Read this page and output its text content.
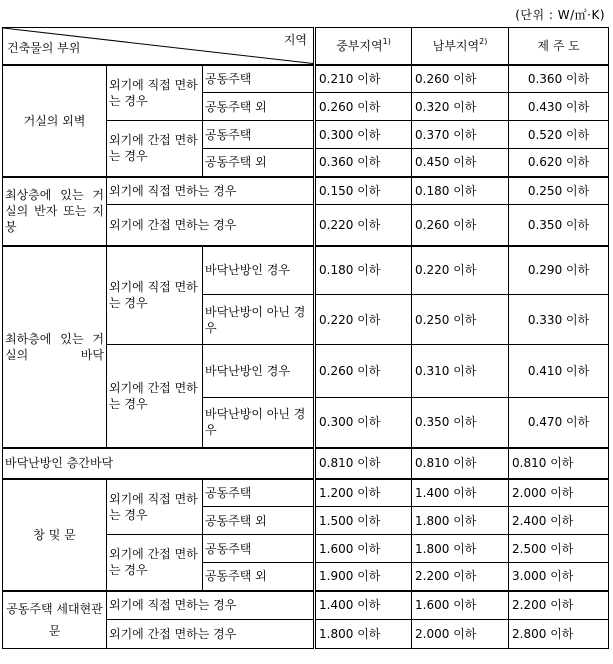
(단위 : W/㎡·K)
지역
건축물의 부위			중부지역$^{1)}$	남부지역$^{2)}$	제 주 도
거실의 외벽	외기에 직접 면하는 경우	공동주택	0.210 이하	0.260 이하	0.360 이하
		공동주택 외	0.260 이하	0.320 이하	0.430 이하
	외기에 간접 면하는 경우	공동주택	0.300 이하	0.370 이하	0.520 이하
		공동주택 외	0.360 이하	0.450 이하	0.620 이하
최상층에 있는 거실의 반자 또는 지붕	외기에 직접 면하는 경우		0.150 이하	0.180 이하	0.250 이하
	외기에 간접 면하는 경우		0.220 이하	0.260 이하	0.350 이하
최하층에 있는 거실의 바닥	외기에 직접 면하는 경우	바닥난방인 경우	0.180 이하	0.220 이하	0.290 이하
		바닥난방이 아닌 경우	0.220 이하	0.250 이하	0.330 이하
	외기에 간접 면하는 경우	바닥난방인 경우	0.260 이하	0.310 이하	0.410 이하
		바닥난방이 아닌 경우	0.300 이하	0.350 이하	0.470 이하
바닥난방인 층간바닥			0.810 이하	0.810 이하	0.810 이하
창 및 문	외기에 직접 면하는 경우	공동주택	1.200 이하	1.400 이하	2.000 이하
		공동주택 외	1.500 이하	1.800 이하	2.400 이하
	외기에 간접 면하는 경우	공동주택	1.600 이하	1.800 이하	2.500 이하
		공동주택 외	1.900 이하	2.200 이하	3.000 이하
공동주택 세대현관문	외기에 직접 면하는 경우		1.400 이하	1.600 이하	2.200 이하
	외기에 간접 면하는 경우		1.800 이하	2.000 이하	2.800 이하
